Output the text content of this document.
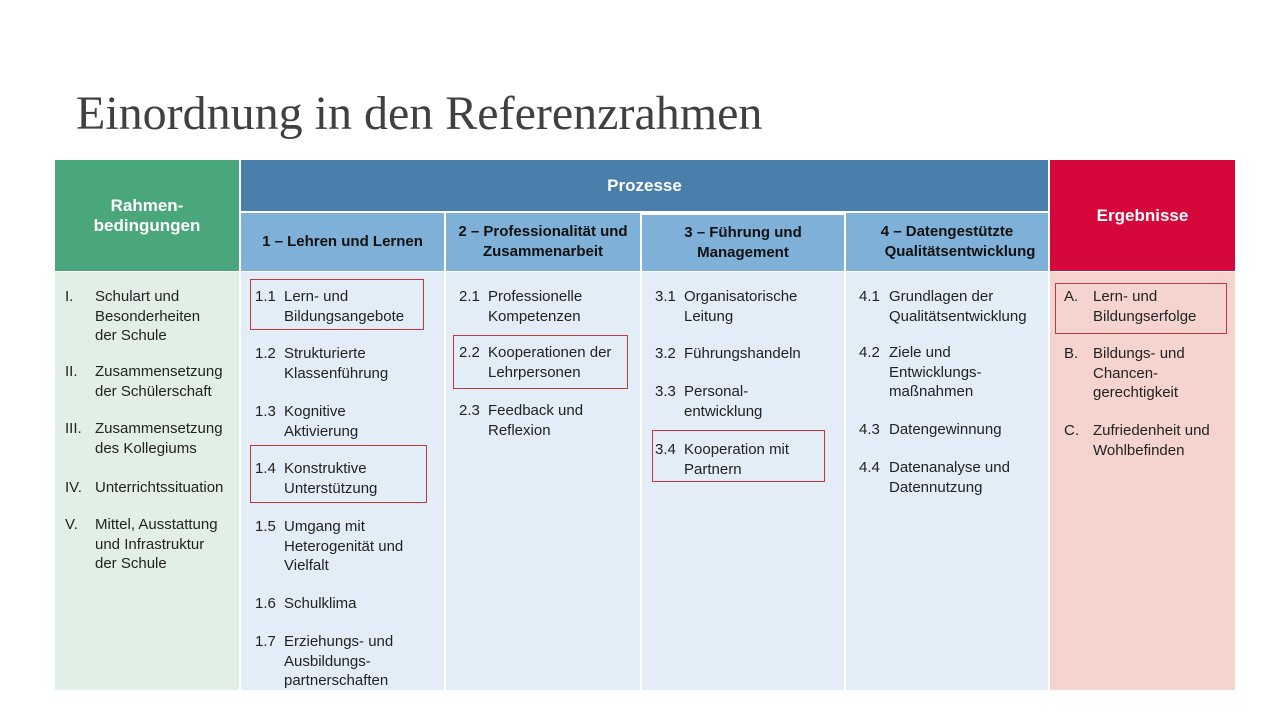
Einordnung in den Referenzrahmen
Rahmen-
bedingungen
Prozesse
Ergebnisse
1 – Lehren und Lernen
2 – Professionalität und
Zusammenarbeit
3 – Führung und
Management
4 – Datengestützte
Qualitätsentwicklung
I. Schulart und
Besonderheiten
der Schule
II. Zusammensetzung
der Schülerschaft
III. Zusammensetzung
des Kollegiums
IV. Unterrichtssituation
V. Mittel, Ausstattung
und Infrastruktur
der Schule
1.1 Lern- und
Bildungsangebote
1.2 Strukturierte
Klassenführung
1.3 Kognitive
Aktivierung
1.4 Konstruktive
Unterstützung
1.5 Umgang mit
Heterogenität und
Vielfalt
1.6 Schulklima
1.7 Erziehungs- und
Ausbildungs-
partnerschaften
2.1 Professionelle
Kompetenzen
2.2 Kooperationen der
Lehrpersonen
2.3 Feedback und
Reflexion
3.1 Organisatorische
Leitung
3.2 Führungshandeln
3.3 Personal-
entwicklung
3.4 Kooperation mit
Partnern
4.1 Grundlagen der
Qualitätsentwicklung
4.2 Ziele und
Entwicklungs-
maßnahmen
4.3 Datengewinnung
4.4 Datenanalyse und
Datennutzung
A. Lern- und
Bildungserfolge
B. Bildungs- und
Chancen-
gerechtigkeit
C. Zufriedenheit und
Wohlbefinden
